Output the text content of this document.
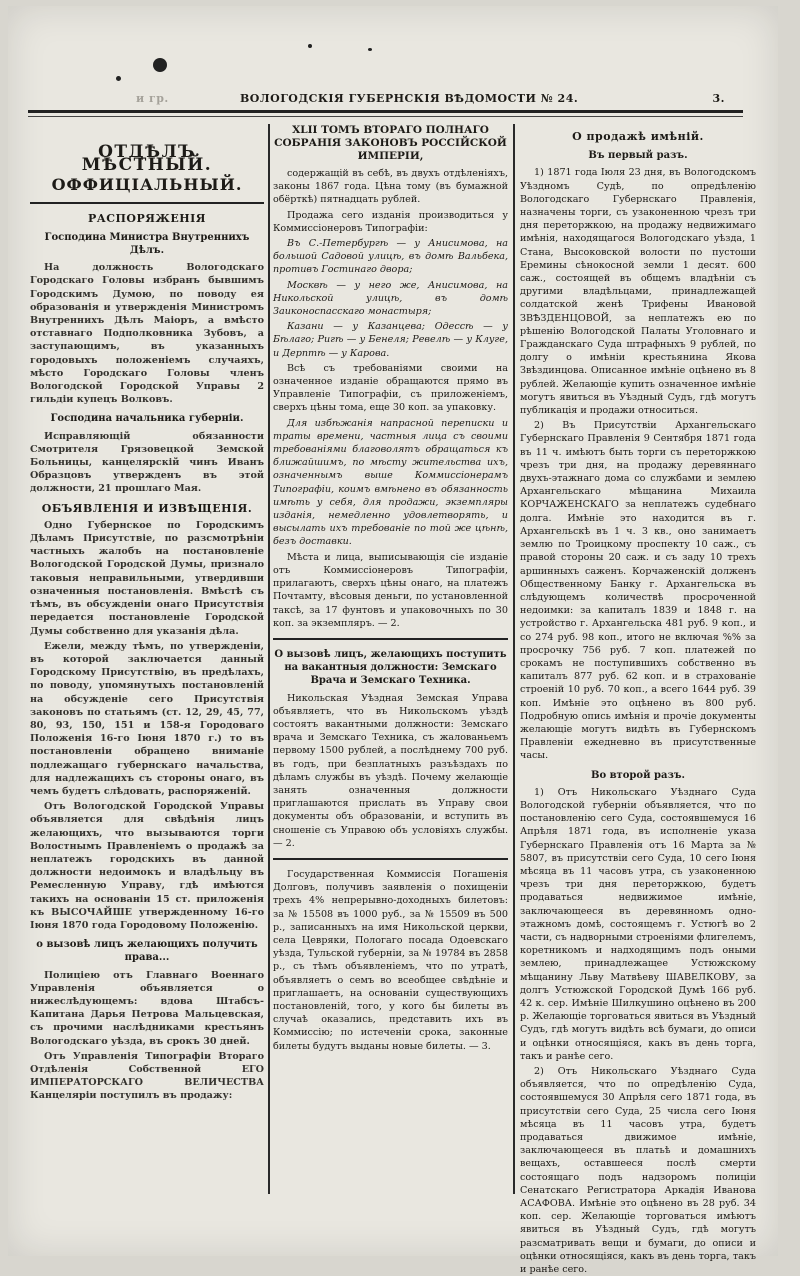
и гр.	ВОЛОГОДСКІЯ ГУБЕРНСКІЯ ВѢДОМОСТИ № 24.	3.
ОТДѢЛЪ МѢСТНЫЙ.
ОФФИЦІАЛЬНЫЙ.
РАСПОРЯЖЕНІЯ
Господина Министра Внутреннихъ Дѣлъ.

На должность Вологодскаго Городскаго Головы избранъ бывшимъ Городскимъ Думою, по поводу ея образованія и утвержденія Министромъ Внутреннихъ Дѣлъ Маіоръ, а вмѣсто отставнаго Подполковника Зубовъ, а заступающимъ, въ указанныхъ городовыхъ положеніемъ случаяхъ, мѣсто Городскаго Головы членъ Вологодской Городской Управы 2 гильдіи купецъ Волковъ.

Господина начальника губерніи.

Исправляющій обязанности Смотрителя Грязовецкой Земской Больницы, канцелярскій чинъ Иванъ Образцовъ утвержденъ въ этой должности, 21 прошлаго Мая.

ОБЪЯВЛЕНІЯ И ИЗВѢЩЕНІЯ.

Одно Губернское по Городскимъ Дѣламъ Присутствіе, по разсмотрѣніи частныхъ жалобъ на постановленіе Вологодской Городской Думы, признало таковыя неправильными, утвердивши означенныя постановленія. Вмѣстѣ съ тѣмъ, въ обсужденіи онаго Присутствія передается постановленіе Городской Думы собственно для указанія дѣла.

Ежели, между тѣмъ, по утвержденіи, въ которой заключается данный Городскому Присутствію, въ предѣлахъ, по поводу, упомянутыхъ постановленій на обсужденіе сего Присутствія законовъ по статьямъ (ст. 12, 29, 45, 77, 80, 93, 150, 151 и 158-я Городоваго Положенія 16-го Іюня 1870 г.) то въ постановленіи обращено вниманіе подлежащаго губернскаго начальства, для надлежащихъ съ стороны онаго, въ чемъ будетъ слѣдовать, распоряженій.

Отъ Вологодской Городской Управы объявляется для свѣдѣнія лицъ желающихъ, что вызываются торги Волостнымъ Правленіемъ о продажѣ за неплатежъ городскихъ въ данной должности недоимокъ и владѣльцу въ Ремесленную Управу, гдѣ имѣются такихъ на основаніи 15 ст. приложенія къ ВЫСОЧАЙШЕ утвержденному 16-го Іюня 1870 года Городовому Положенію.

о вызовѣ лицъ желающихъ получить права...

Полиціею отъ Главнаго Военнаго Управленія объявляется о нижеслѣдующемъ: вдова Штабсъ-Капитана Дарья Петрова Мальцевская, съ прочими наслѣдниками крестьянъ Вологодскаго уѣзда, въ срокъ 30 дней.

Отъ Управленія Типографіи Втораго Отдѣленія Собственной ЕГО ИМПЕРАТОРСКАГО ВЕЛИЧЕСТВА Канцеляріи поступилъ въ продажу:

XLII ТОМЪ ВТОРАГО ПОЛНАГО СОБРАНІЯ ЗАКОНОВЪ РОССІЙСКОЙ ИМПЕРІИ,

содержащій въ себѣ, въ двухъ отдѣленіяхъ, законы 1867 года. Цѣна тому (въ бумажной обёрткѣ) пятнадцать рублей.

Продажа сего изданія производиться у Коммиссіонеровъ Типографіи:

Въ С.-Петербургѣ — у Анисимова, на большой Садовой улицѣ, въ домѣ Вальбека, противъ Гостинаго двора;

Москвѣ — у него же, Анисимова, на Никольской улицѣ, въ домѣ Заиконоспасскаго монастыря;

Казани — у Казанцева; Одессѣ — у Бѣлаго; Ригѣ — у Бенеля; Ревелѣ — у Клуге, и Дерптѣ — у Карова.

Всѣ съ требованіями своими на означенное изданіе обращаются прямо въ Управленіе Типографіи, съ приложеніемъ, сверхъ цѣны тома, еще 30 коп. за упаковку.

Для избѣжанія напрасной переписки и траты времени, частныя лица съ своими требованіями благоволятъ обращаться къ ближайшимъ, по мѣсту жительства ихъ, означеннымъ выше Коммиссіонерамъ Типографіи, коимъ вмѣнено въ обязанность имѣть у себя, для продажи, экземпляры изданія, немедленно удовлетворять, и высылать ихъ требованіе по той же цѣнѣ, безъ доставки.

Мѣста и лица, выписывающія сіе изданіе отъ Коммиссіонеровъ Типографіи, прилагаютъ, сверхъ цѣны онаго, на платежъ Почтамту, вѣсовыя деньги, по установленной таксѣ, за 17 фунтовъ и упаковочныхъ по 30 коп. за экземпляръ. — 2.

О вызовѣ лицъ, желающихъ поступить на вакантныя должности: Земскаго Врача и Земскаго Техника.

Никольская Уѣздная Земская Управа объявляетъ, что въ Никольскомъ уѣздѣ состоятъ вакантными должности: Земскаго врача и Земскаго Техника, съ жалованьемъ первому 1500 рублей, а послѣднему 700 руб. въ годъ, при безплатныхъ разъѣздахъ по дѣламъ службы въ уѣздѣ. Почему желающіе занять означенныя должности приглашаются прислать въ Управу свои документы объ образованіи, и вступить въ сношеніе съ Управою объ условіяхъ службы. — 2.

Государственная Коммиссія Погашенія Долговъ, получивъ заявленія о похищеніи трехъ 4% непрерывно-доходныхъ билетовъ: за № 15508 въ 1000 руб., за № 15509 въ 500 р., записанныхъ на имя Никольской церкви, села Цевряки, Пологаго посада Одоевскаго уѣзда, Тульской губерніи, за № 19784 въ 2858 р., съ тѣмъ объявленіемъ, что по утратѣ, объявляетъ о семъ во всеобщее свѣдѣніе и приглашаетъ, на основаніи существующихъ постановленій, того, у кого бы билеты въ случаѣ оказались, представить ихъ въ Коммиссію; по истеченіи срока, законные билеты будутъ выданы новые билеты. — 3.

О продажѣ имѣній.
Въ первый разъ.

1) 1871 года Іюля 23 дня, въ Вологодскомъ Уѣздномъ Судѣ, по опредѣленію Вологодскаго Губернскаго Правленія, назначены торги, съ узаконенною чрезъ три дня переторжкою, на продажу недвижимаго имѣнія, находящагося Вологодскаго уѣзда, 1 Стана, Высоковской волости по пустоши Еремины сѣнокосной земли 1 десят. 600 саж., состоящей въ общемъ владѣніи съ другими владѣльцами, принадлежащей солдатской женѣ Трифены Ивановой ЗВѢЗДЕНЦОВОЙ, за неплатежъ ею по рѣшенію Вологодской Палаты Уголовнаго и Гражданскаго Суда штрафныхъ 9 рублей, по долгу о имѣніи крестьянина Якова Звѣздинцова. Описанное имѣніе оцѣнено въ 8 рублей. Желающіе купить означенное имѣніе могутъ явиться въ Уѣздный Судъ, гдѣ могутъ публикація и продажи относиться.

2) Въ Присутствіи Архангельскаго Губернскаго Правленія 9 Сентября 1871 года въ 11 ч. имѣютъ быть торги съ переторжкою чрезъ три дня, на продажу деревяннаго двухъ-этажнаго дома со службами и землею Архангельскаго мѣщанина Михаила КОРЧАЖЕНСКАГО за неплатежъ судебнаго долга. Имѣніе это находится въ г. Архангельскѣ въ 1 ч. 3 кв., оно занимаетъ землю по Троицкому проспекту 10 саж., съ правой стороны 20 саж. и съ заду 10 трехъ аршинныхъ саженъ. Корчаженскій долженъ Общественному Банку г. Архангельска въ слѣдующемъ количествѣ просроченной недоимки: за капиталъ 1839 и 1848 г. на устройство г. Архангельска 481 руб. 9 коп., и со 274 руб. 98 коп., итого не включая %% за просрочку 756 руб. 7 коп. платежей по срокамъ не поступившихъ собственно въ капиталъ 877 руб. 62 коп. и в страхованіе строеній 10 руб. 70 коп., а всего 1644 руб. 39 коп. Имѣніе это оцѣнено въ 800 руб. Подробную опись имѣнія и прочіе документы желающіе могутъ видѣть въ Губернскомъ Правленіи ежедневно въ присутственные часы.

Во второй разъ.

1) Отъ Никольскаго Уѣзднаго Суда Вологодской губерніи объявляется, что по постановленію сего Суда, состоявшемуся 16 Апрѣля 1871 года, въ исполненіе указа Губернскаго Правленія отъ 16 Марта за № 5807, въ присутствіи сего Суда, 10 сего Іюня мѣсяца въ 11 часовъ утра, съ узаконенною чрезъ три дня переторжкою, будетъ продаваться недвижимое имѣніе, заключающееся въ деревянномъ одно-этажномъ домѣ, состоящемъ г. Устюгѣ во 2 части, съ надворными строеніями флигелемъ, коретникомъ и надходящимъ подъ оными землею, принадлежащее Устюжскому мѣщанину Льву Матвѣеву ШАВЕЛКОВУ, за долгъ Устюжской Городской Думѣ 166 руб. 42 к. сер. Имѣніе Шилкушино оцѣнено въ 200 р. Желающіе торговаться явиться въ Уѣздный Судъ, гдѣ могутъ видѣть всѣ бумаги, до описи и оцѣнки относящіяся, какъ въ день торга, такъ и ранѣе сего.

2) Отъ Никольскаго Уѣзднаго Суда объявляется, что по опредѣленію Суда, состоявшемуся 30 Апрѣля сего 1871 года, въ присутствіи сего Суда, 25 числа сего Іюня мѣсяца въ 11 часовъ утра, будетъ продаваться движимое имѣніе, заключающееся въ платьѣ и домашнихъ вещахъ, оставшееся послѣ смерти состоящаго подъ надзоромъ полиціи Сенатскаго Регистратора Аркадія Иванова АСАФОВА. Имѣніе это оцѣнено въ 28 руб. 34 коп. сер. Желающіе торговаться имѣютъ явиться въ Уѣздный Судъ, гдѣ могутъ разсматривать вещи и бумаги, до описи и оцѣнки относящіяся, какъ въ день торга, такъ и ранѣе сего.
